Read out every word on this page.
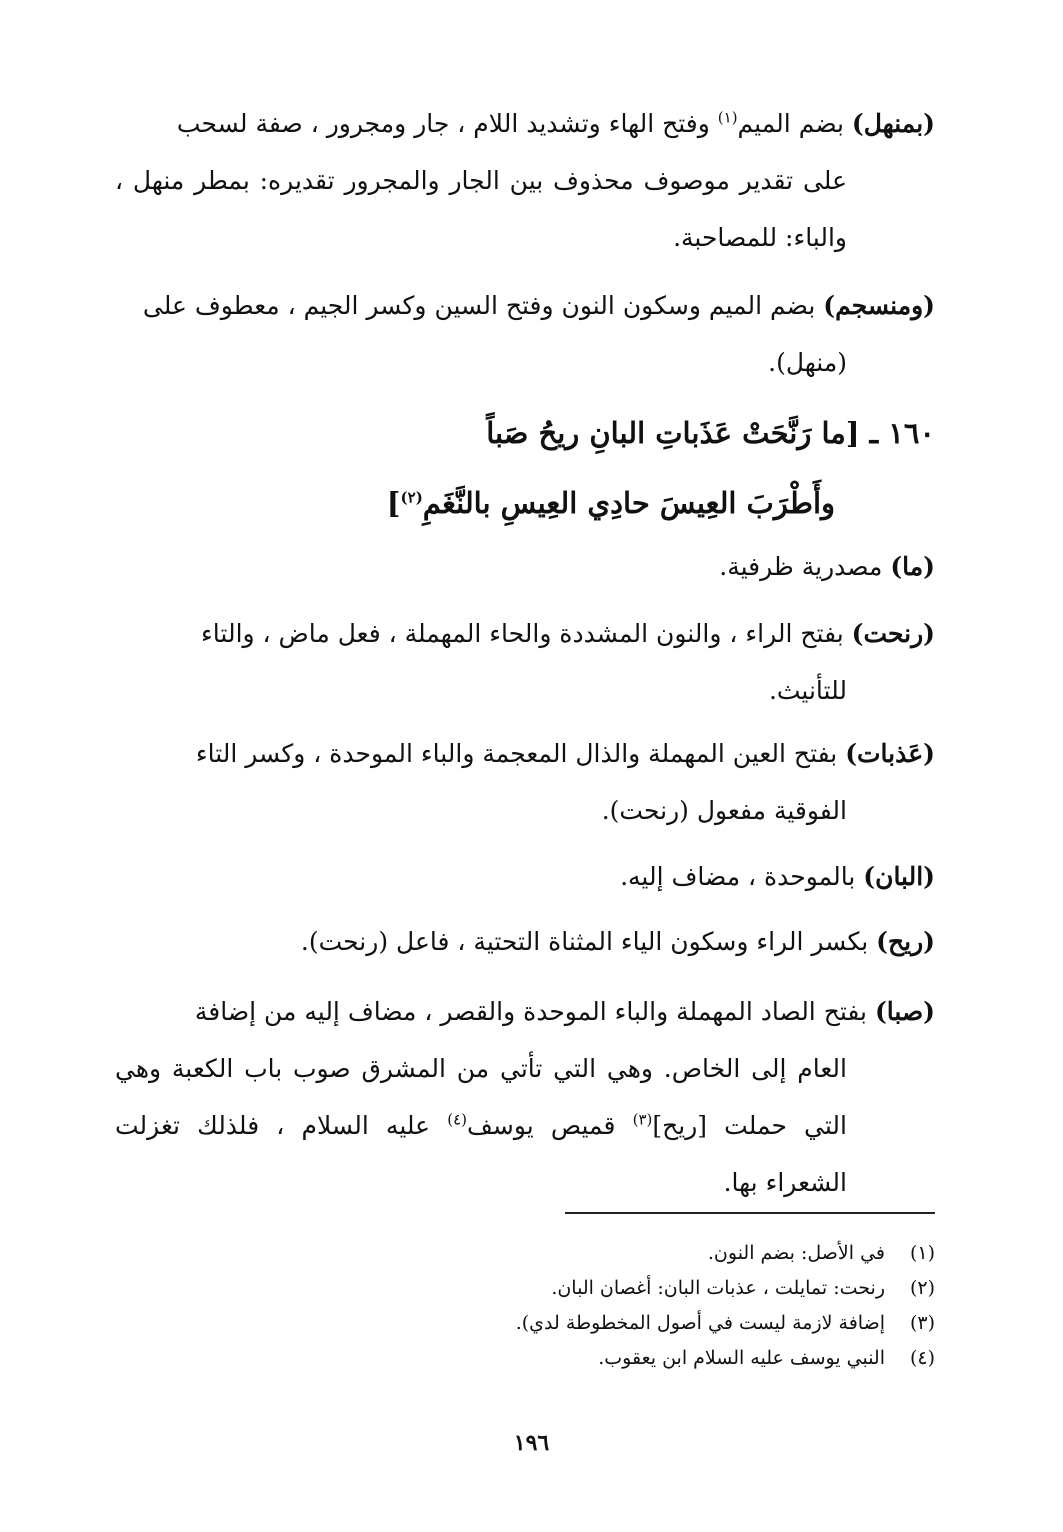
(بمنهل) بضم الميم$^{(١)}$ وفتح الهاء وتشديد اللام ، جار ومجرور ، صفة لسحب
على تقدير موصوف محذوف بين الجار والمجرور تقديره: بمطر منهل ، والباء: للمصاحبة.
(ومنسجم) بضم الميم وسكون النون وفتح السين وكسر الجيم ، معطوف على
(منهل).
١٦٠ ـ [ما رَنَّحَتْ عَذَباتِ البانِ ريحُ صَباً
وأَطْرَبَ العِيسَ حادِي العِيسِ بالنَّغَمِ$^{(٢)}$]
(ما) مصدرية ظرفية.
(رنحت) بفتح الراء ، والنون المشددة والحاء المهملة ، فعل ماض ، والتاء
للتأنيث.
(عَذبات) بفتح العين المهملة والذال المعجمة والباء الموحدة ، وكسر التاء
الفوقية مفعول (رنحت).
(البان) بالموحدة ، مضاف إليه.
(ريح) بكسر الراء وسكون الياء المثناة التحتية ، فاعل (رنحت).
(صبا) بفتح الصاد المهملة والباء الموحدة والقصر ، مضاف إليه من إضافة
العام إلى الخاص. وهي التي تأتي من المشرق صوب باب الكعبة وهي التي حملت [ريح]$^{(٣)}$ قميص يوسف$^{(٤)}$ عليه السلام ، فلذلك تغزلت الشعراء بها.
(١)في الأصل: بضم النون.
(٢)رنحت: تمايلت ، عذبات البان: أغصان البان.
(٣)إضافة لازمة ليست في أصول المخطوطة لدي).
(٤)النبي يوسف عليه السلام ابن يعقوب.
١٩٦
